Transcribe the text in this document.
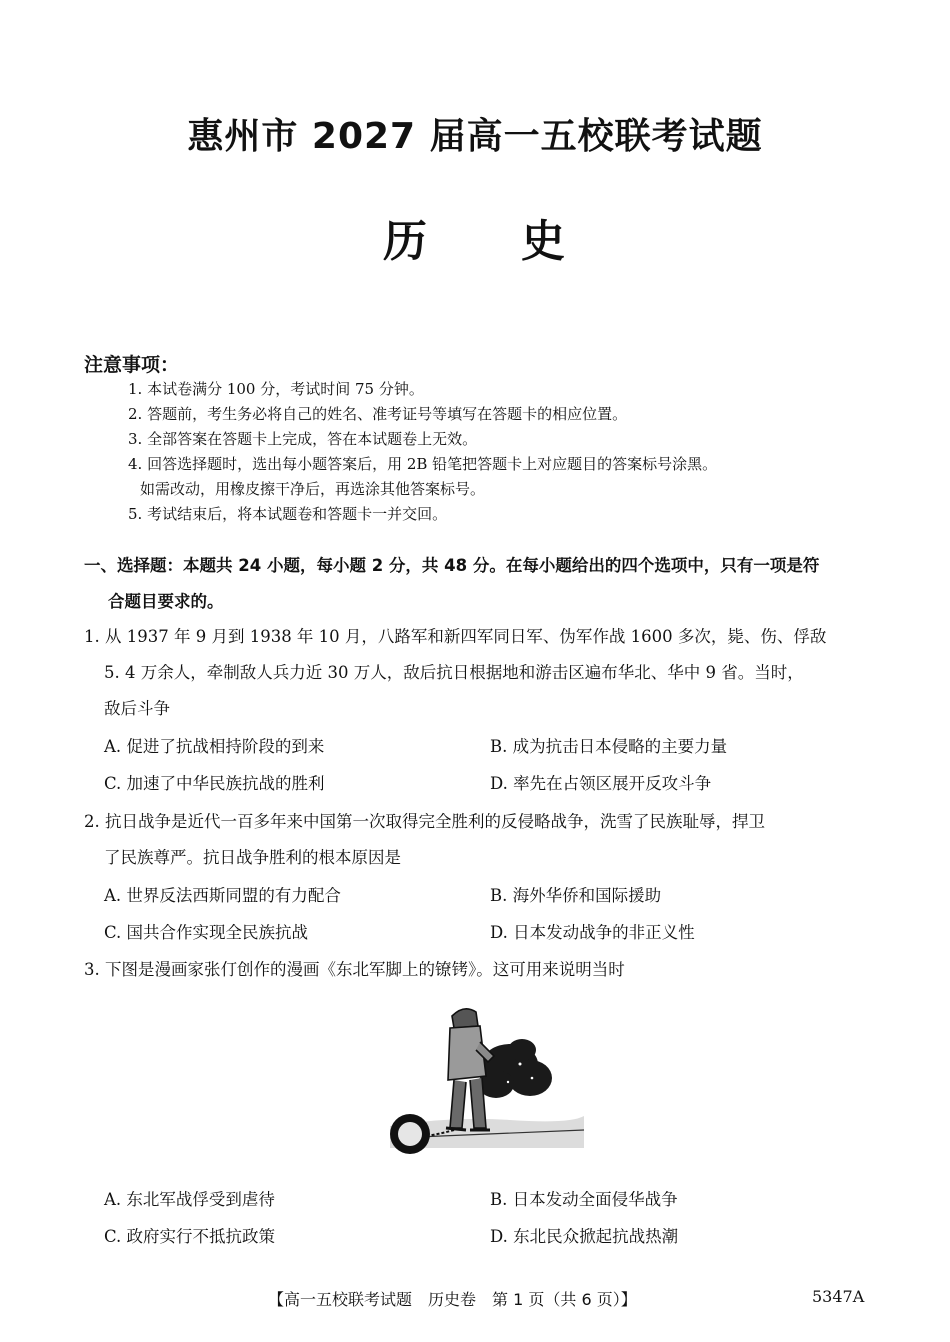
惠州市 2027 届高一五校联考试题
历　　史
注意事项：
1. 本试卷满分 100 分，考试时间 75 分钟。
2. 答题前，考生务必将自己的姓名、准考证号等填写在答题卡的相应位置。
3. 全部答案在答题卡上完成，答在本试题卷上无效。
4. 回答选择题时，选出每小题答案后，用 2B 铅笔把答题卡上对应题目的答案标号涂黑。
如需改动，用橡皮擦干净后，再选涂其他答案标号。
5. 考试结束后，将本试题卷和答题卡一并交回。
一、选择题：本题共 24 小题，每小题 2 分，共 48 分。在每小题给出的四个选项中，只有一项是符
合题目要求的。
1. 从 1937 年 9 月到 1938 年 10 月，八路军和新四军同日军、伪军作战 1600 多次，毙、伤、俘敌
5. 4 万余人，牵制敌人兵力近 30 万人，敌后抗日根据地和游击区遍布华北、华中 9 省。当时，
敌后斗争
A. 促进了抗战相持阶段的到来	B. 成为抗击日本侵略的主要力量
C. 加速了中华民族抗战的胜利	D. 率先在占领区展开反攻斗争
2. 抗日战争是近代一百多年来中国第一次取得完全胜利的反侵略战争，洗雪了民族耻辱，捍卫
了民族尊严。抗日战争胜利的根本原因是
A. 世界反法西斯同盟的有力配合	B. 海外华侨和国际援助
C. 国共合作实现全民族抗战	D. 日本发动战争的非正义性
3. 下图是漫画家张仃创作的漫画《东北军脚上的镣铐》。这可用来说明当时
A. 东北军战俘受到虐待	B. 日本发动全面侵华战争
C. 政府实行不抵抗政策	D. 东北民众掀起抗战热潮
【高一五校联考试题　历史卷　第 1 页（共 6 页）】	5347A
